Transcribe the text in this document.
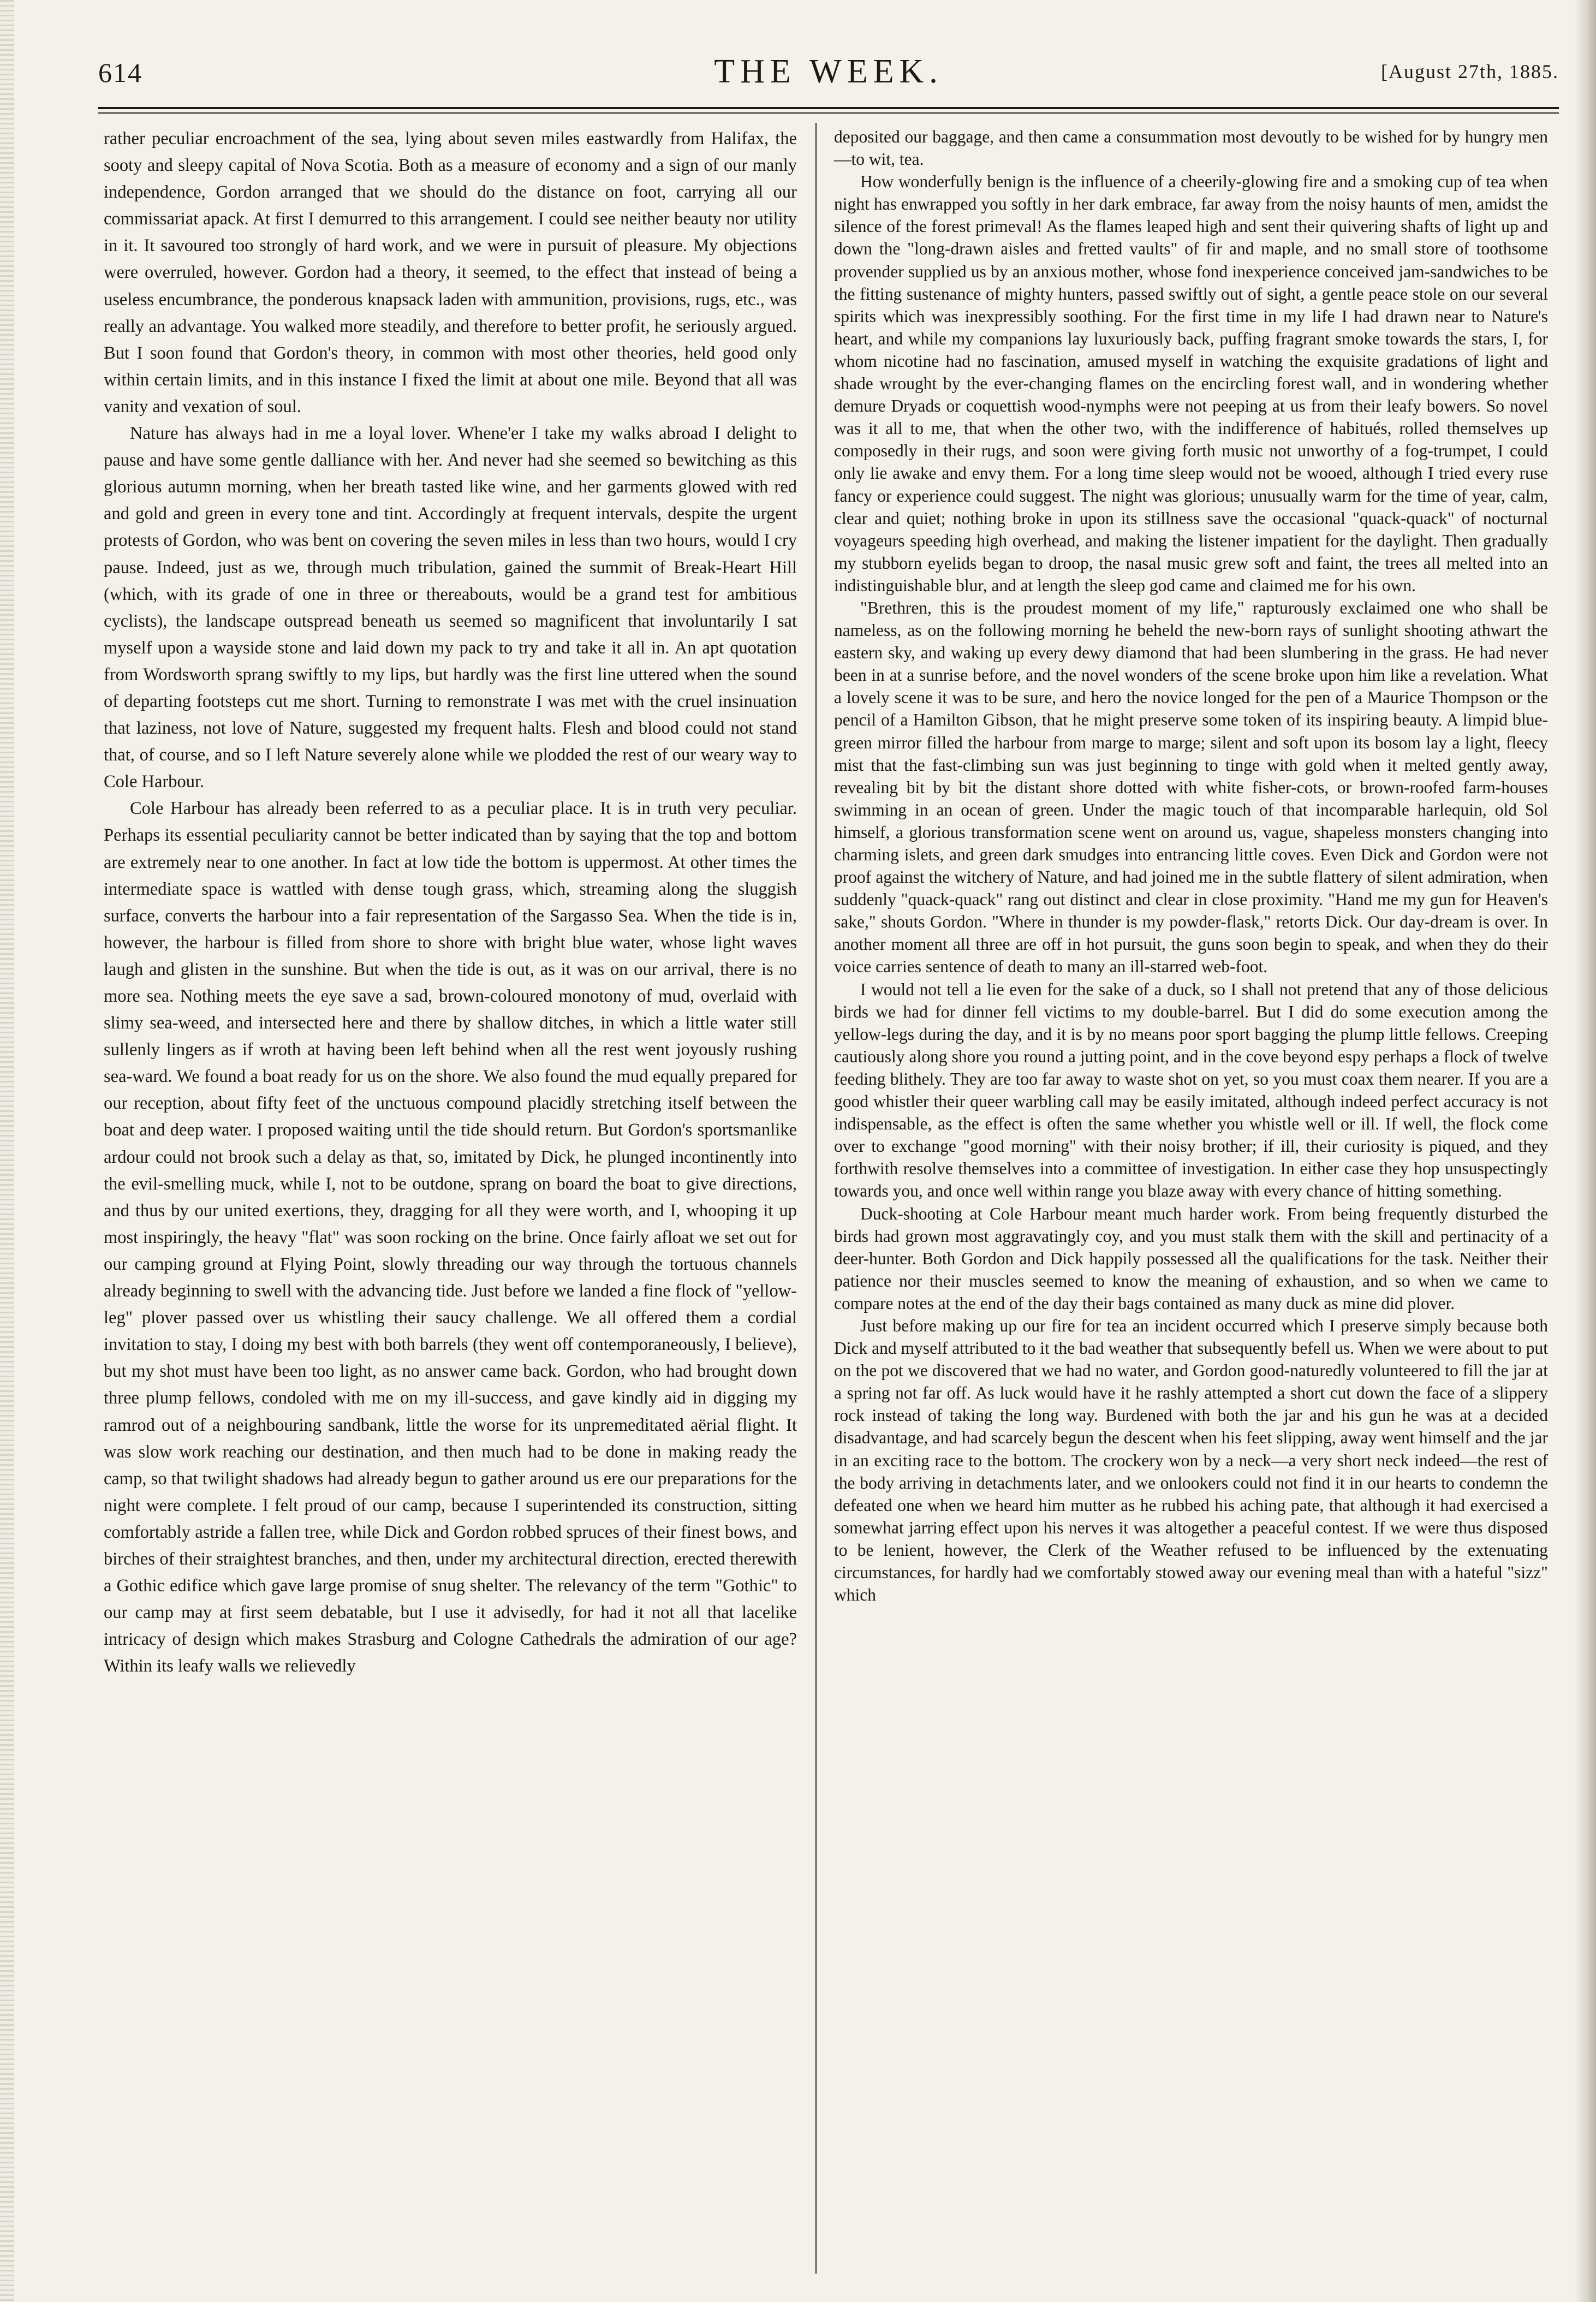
614	THE WEEK.	[August 27th, 1885.

rather peculiar encroachment of the sea, lying about seven miles eastwardly from Halifax, the sooty and sleepy capital of Nova Scotia. Both as a measure of economy and a sign of our manly independence, Gordon arranged that we should do the distance on foot, carrying all our commissariat apack. At first I demurred to this arrangement. I could see neither beauty nor utility in it. It savoured too strongly of hard work, and we were in pursuit of pleasure. My objections were overruled, however. Gordon had a theory, it seemed, to the effect that instead of being a useless encumbrance, the ponderous knapsack laden with ammunition, provisions, rugs, etc., was really an advantage. You walked more steadily, and therefore to better profit, he seriously argued. But I soon found that Gordon's theory, in common with most other theories, held good only within certain limits, and in this instance I fixed the limit at about one mile. Beyond that all was vanity and vexation of soul.

Nature has always had in me a loyal lover. Whene'er I take my walks abroad I delight to pause and have some gentle dalliance with her. And never had she seemed so bewitching as this glorious autumn morning, when her breath tasted like wine, and her garments glowed with red and gold and green in every tone and tint. Accordingly at frequent intervals, despite the urgent protests of Gordon, who was bent on covering the seven miles in less than two hours, would I cry pause. Indeed, just as we, through much tribulation, gained the summit of Break-Heart Hill (which, with its grade of one in three or thereabouts, would be a grand test for ambitious cyclists), the landscape outspread beneath us seemed so magnificent that involuntarily I sat myself upon a wayside stone and laid down my pack to try and take it all in. An apt quotation from Wordsworth sprang swiftly to my lips, but hardly was the first line uttered when the sound of departing footsteps cut me short. Turning to remonstrate I was met with the cruel insinuation that laziness, not love of Nature, suggested my frequent halts. Flesh and blood could not stand that, of course, and so I left Nature severely alone while we plodded the rest of our weary way to Cole Harbour.

Cole Harbour has already been referred to as a peculiar place. It is in truth very peculiar. Perhaps its essential peculiarity cannot be better indicated than by saying that the top and bottom are extremely near to one another. In fact at low tide the bottom is uppermost. At other times the intermediate space is wattled with dense tough grass, which, streaming along the sluggish surface, converts the harbour into a fair representation of the Sargasso Sea. When the tide is in, however, the harbour is filled from shore to shore with bright blue water, whose light waves laugh and glisten in the sunshine. But when the tide is out, as it was on our arrival, there is no more sea. Nothing meets the eye save a sad, brown-coloured monotony of mud, overlaid with slimy sea-weed, and intersected here and there by shallow ditches, in which a little water still sullenly lingers as if wroth at having been left behind when all the rest went joyously rushing sea-ward. We found a boat ready for us on the shore. We also found the mud equally prepared for our reception, about fifty feet of the unctuous compound placidly stretching itself between the boat and deep water. I proposed waiting until the tide should return. But Gordon's sportsmanlike ardour could not brook such a delay as that, so, imitated by Dick, he plunged incontinently into the evil-smelling muck, while I, not to be outdone, sprang on board the boat to give directions, and thus by our united exertions, they, dragging for all they were worth, and I, whooping it up most inspiringly, the heavy "flat" was soon rocking on the brine. Once fairly afloat we set out for our camping ground at Flying Point, slowly threading our way through the tortuous channels already beginning to swell with the advancing tide. Just before we landed a fine flock of "yellow-leg" plover passed over us whistling their saucy challenge. We all offered them a cordial invitation to stay, I doing my best with both barrels (they went off contemporaneously, I believe), but my shot must have been too light, as no answer came back. Gordon, who had brought down three plump fellows, condoled with me on my ill-success, and gave kindly aid in digging my ramrod out of a neighbouring sandbank, little the worse for its unpremeditated aërial flight. It was slow work reaching our destination, and then much had to be done in making ready the camp, so that twilight shadows had already begun to gather around us ere our preparations for the night were complete. I felt proud of our camp, because I superintended its construction, sitting comfortably astride a fallen tree, while Dick and Gordon robbed spruces of their finest bows, and birches of their straightest branches, and then, under my architectural direction, erected therewith a Gothic edifice which gave large promise of snug shelter. The relevancy of the term "Gothic" to our camp may at first seem debatable, but I use it advisedly, for had it not all that lacelike intricacy of design which makes Strasburg and Cologne Cathedrals the admiration of our age? Within its leafy walls we relievedly

deposited our baggage, and then came a consummation most devoutly to be wished for by hungry men—to wit, tea.

How wonderfully benign is the influence of a cheerily-glowing fire and a smoking cup of tea when night has enwrapped you softly in her dark embrace, far away from the noisy haunts of men, amidst the silence of the forest primeval! As the flames leaped high and sent their quivering shafts of light up and down the "long-drawn aisles and fretted vaults" of fir and maple, and no small store of toothsome provender supplied us by an anxious mother, whose fond inexperience conceived jam-sandwiches to be the fitting sustenance of mighty hunters, passed swiftly out of sight, a gentle peace stole on our several spirits which was inexpressibly soothing. For the first time in my life I had drawn near to Nature's heart, and while my companions lay luxuriously back, puffing fragrant smoke towards the stars, I, for whom nicotine had no fascination, amused myself in watching the exquisite gradations of light and shade wrought by the ever-changing flames on the encircling forest wall, and in wondering whether demure Dryads or coquettish wood-nymphs were not peeping at us from their leafy bowers. So novel was it all to me, that when the other two, with the indifference of habitués, rolled themselves up composedly in their rugs, and soon were giving forth music not unworthy of a fog-trumpet, I could only lie awake and envy them. For a long time sleep would not be wooed, although I tried every ruse fancy or experience could suggest. The night was glorious; unusually warm for the time of year, calm, clear and quiet; nothing broke in upon its stillness save the occasional "quack-quack" of nocturnal voyageurs speeding high overhead, and making the listener impatient for the daylight. Then gradually my stubborn eyelids began to droop, the nasal music grew soft and faint, the trees all melted into an indistinguishable blur, and at length the sleep god came and claimed me for his own.

"Brethren, this is the proudest moment of my life," rapturously exclaimed one who shall be nameless, as on the following morning he beheld the new-born rays of sunlight shooting athwart the eastern sky, and waking up every dewy diamond that had been slumbering in the grass. He had never been in at a sunrise before, and the novel wonders of the scene broke upon him like a revelation. What a lovely scene it was to be sure, and hero the novice longed for the pen of a Maurice Thompson or the pencil of a Hamilton Gibson, that he might preserve some token of its inspiring beauty. A limpid blue-green mirror filled the harbour from marge to marge; silent and soft upon its bosom lay a light, fleecy mist that the fast-climbing sun was just beginning to tinge with gold when it melted gently away, revealing bit by bit the distant shore dotted with white fisher-cots, or brown-roofed farm-houses swimming in an ocean of green. Under the magic touch of that incomparable harlequin, old Sol himself, a glorious transformation scene went on around us, vague, shapeless monsters changing into charming islets, and green dark smudges into entrancing little coves. Even Dick and Gordon were not proof against the witchery of Nature, and had joined me in the subtle flattery of silent admiration, when suddenly "quack-quack" rang out distinct and clear in close proximity. "Hand me my gun for Heaven's sake," shouts Gordon. "Where in thunder is my powder-flask," retorts Dick. Our day-dream is over. In another moment all three are off in hot pursuit, the guns soon begin to speak, and when they do their voice carries sentence of death to many an ill-starred web-foot.

I would not tell a lie even for the sake of a duck, so I shall not pretend that any of those delicious birds we had for dinner fell victims to my double-barrel. But I did do some execution among the yellow-legs during the day, and it is by no means poor sport bagging the plump little fellows. Creeping cautiously along shore you round a jutting point, and in the cove beyond espy perhaps a flock of twelve feeding blithely. They are too far away to waste shot on yet, so you must coax them nearer. If you are a good whistler their queer warbling call may be easily imitated, although indeed perfect accuracy is not indispensable, as the effect is often the same whether you whistle well or ill. If well, the flock come over to exchange "good morning" with their noisy brother; if ill, their curiosity is piqued, and they forthwith resolve themselves into a committee of investigation. In either case they hop unsuspectingly towards you, and once well within range you blaze away with every chance of hitting something.

Duck-shooting at Cole Harbour meant much harder work. From being frequently disturbed the birds had grown most aggravatingly coy, and you must stalk them with the skill and pertinacity of a deer-hunter. Both Gordon and Dick happily possessed all the qualifications for the task. Neither their patience nor their muscles seemed to know the meaning of exhaustion, and so when we came to compare notes at the end of the day their bags contained as many duck as mine did plover.

Just before making up our fire for tea an incident occurred which I preserve simply because both Dick and myself attributed to it the bad weather that subsequently befell us. When we were about to put on the pot we discovered that we had no water, and Gordon good-naturedly volunteered to fill the jar at a spring not far off. As luck would have it he rashly attempted a short cut down the face of a slippery rock instead of taking the long way. Burdened with both the jar and his gun he was at a decided disadvantage, and had scarcely begun the descent when his feet slipping, away went himself and the jar in an exciting race to the bottom. The crockery won by a neck—a very short neck indeed—the rest of the body arriving in detachments later, and we onlookers could not find it in our hearts to condemn the defeated one when we heard him mutter as he rubbed his aching pate, that although it had exercised a somewhat jarring effect upon his nerves it was altogether a peaceful contest. If we were thus disposed to be lenient, however, the Clerk of the Weather refused to be influenced by the extenuating circumstances, for hardly had we comfortably stowed away our evening meal than with a hateful "sizz" which
